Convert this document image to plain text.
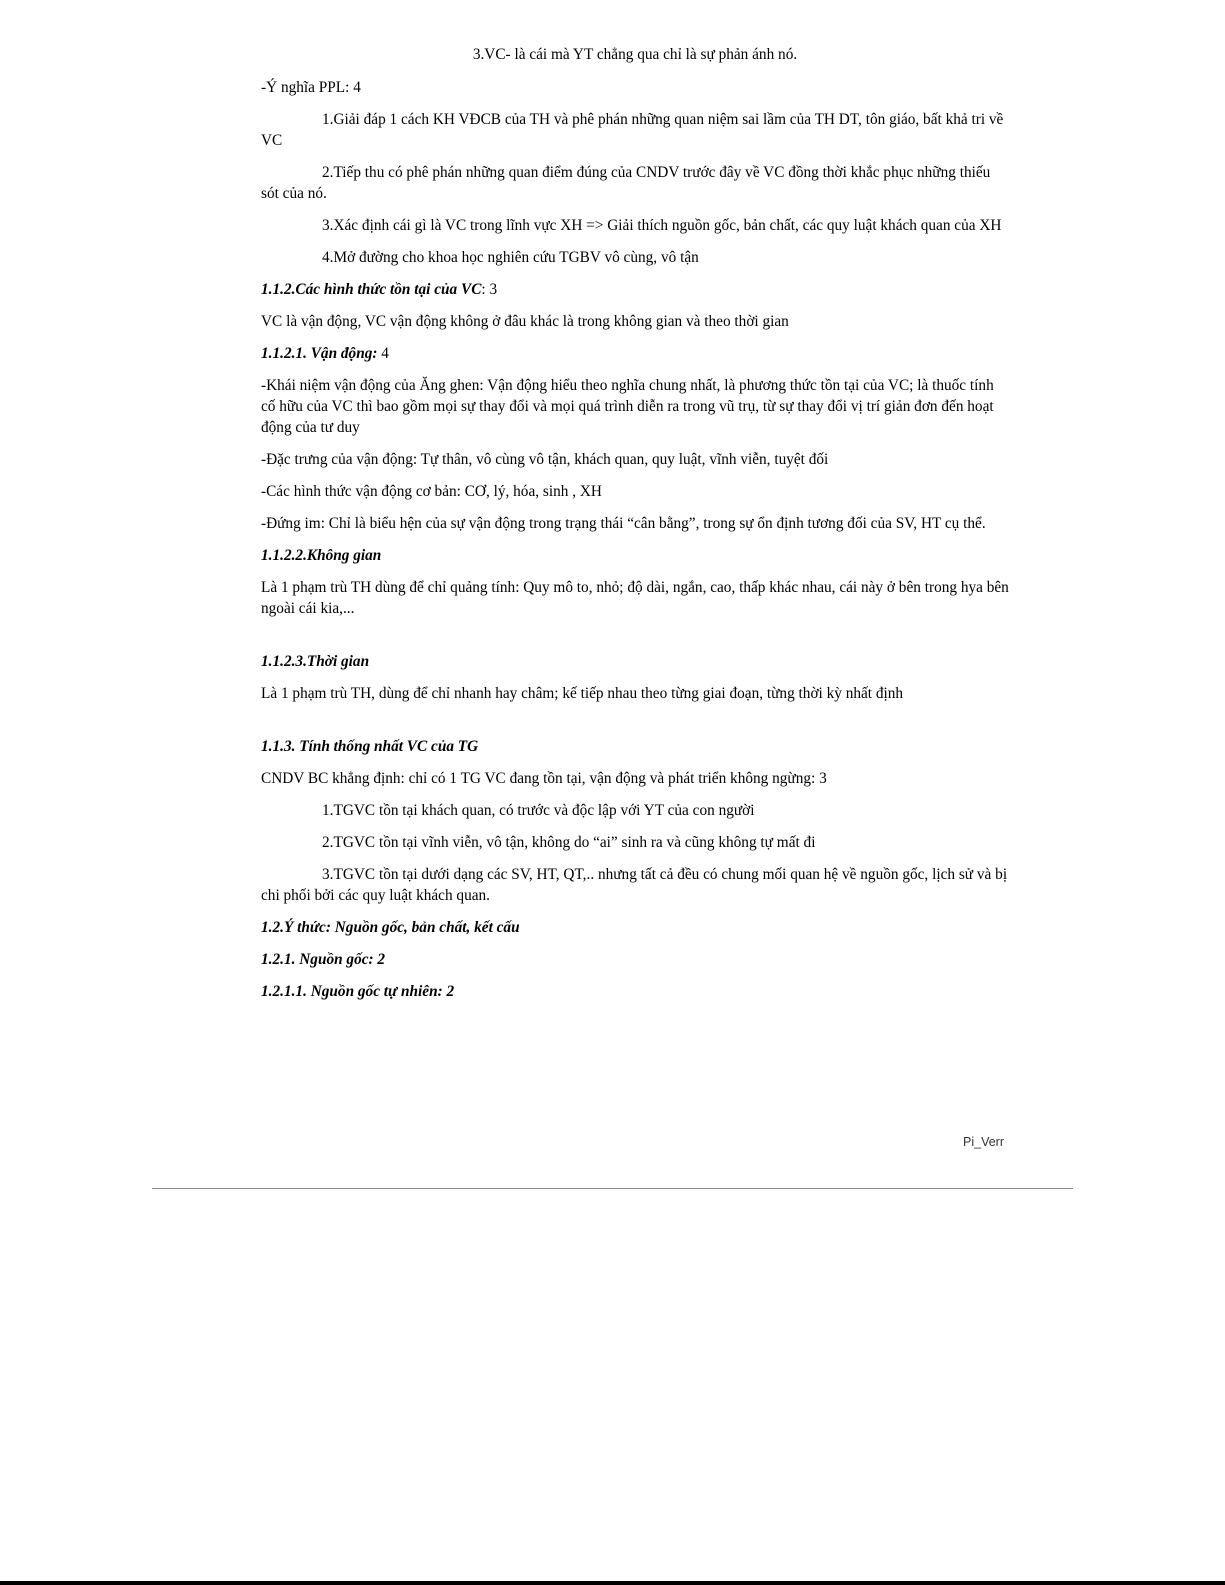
3.VC- là cái mà YT chẳng qua chỉ là sự phản ánh nó.

-Ý nghĩa PPL: 4

1.Giải đáp 1 cách KH VĐCB của TH và phê phán những quan niệm sai lầm của TH DT, tôn giáo, bất khả tri về VC

2.Tiếp thu có phê phán những quan điểm đúng của CNDV trước đây về VC đồng thời khắc phục những thiếu sót của nó.

3.Xác định cái gì là VC trong lĩnh vực XH => Giải thích nguồn gốc, bản chất, các quy luật khách quan của XH

4.Mở đường cho khoa học nghiên cứu TGBV vô cùng, vô tận

1.1.2.Các hình thức tồn tại của VC: 3

VC là vận động, VC vận động không ở đâu khác là trong không gian và theo thời gian

1.1.2.1. Vận động: 4

-Khái niệm vận động của Ăng ghen: Vận động hiểu theo nghĩa chung nhất, là phương thức tồn tại của VC; là thuốc tính cố hữu của VC thì bao gồm mọi sự thay đổi và mọi quá trình diễn ra trong vũ trụ, từ sự thay đổi vị trí giản đơn đến hoạt động của tư duy

-Đặc trưng của vận động: Tự thân, vô cùng vô tận, khách quan, quy luật, vĩnh viễn, tuyệt đối

-Các hình thức vận động cơ bản: CƠ, lý, hóa, sinh , XH

-Đứng im: Chỉ là biểu hện của sự vận động trong trạng thái “cân bằng”, trong sự ổn định tương đối của SV, HT cụ thể.

1.1.2.2.Không gian

Là 1 phạm trù TH dùng để chỉ quảng tính: Quy mô to, nhỏ; độ dài, ngắn, cao, thấp khác nhau, cái này ở bên trong hya bên ngoài cái kia,...

1.1.2.3.Thời gian

Là 1 phạm trù TH, dùng để chỉ nhanh hay châm; kế tiếp nhau theo từng giai đoạn, từng thời kỳ nhất định

1.1.3. Tính thống nhất VC của TG

CNDV BC khẳng định: chỉ có 1 TG VC đang tồn tại, vận động và phát triển không ngừng: 3

1.TGVC tồn tại khách quan, có trước và độc lập với YT của con người

2.TGVC tồn tại vĩnh viễn, vô tận, không do “ai” sinh ra và cũng không tự mất đi

3.TGVC tồn tại dưới dạng các SV, HT, QT,.. nhưng tất cả đều có chung mối quan hệ về nguồn gốc, lịch sử và bị chi phối bởi các quy luật khách quan.

1.2.Ý thức: Nguồn gốc, bản chất, kết cấu

1.2.1. Nguồn gốc: 2

1.2.1.1. Nguồn gốc tự nhiên: 2

Pi_Verr
